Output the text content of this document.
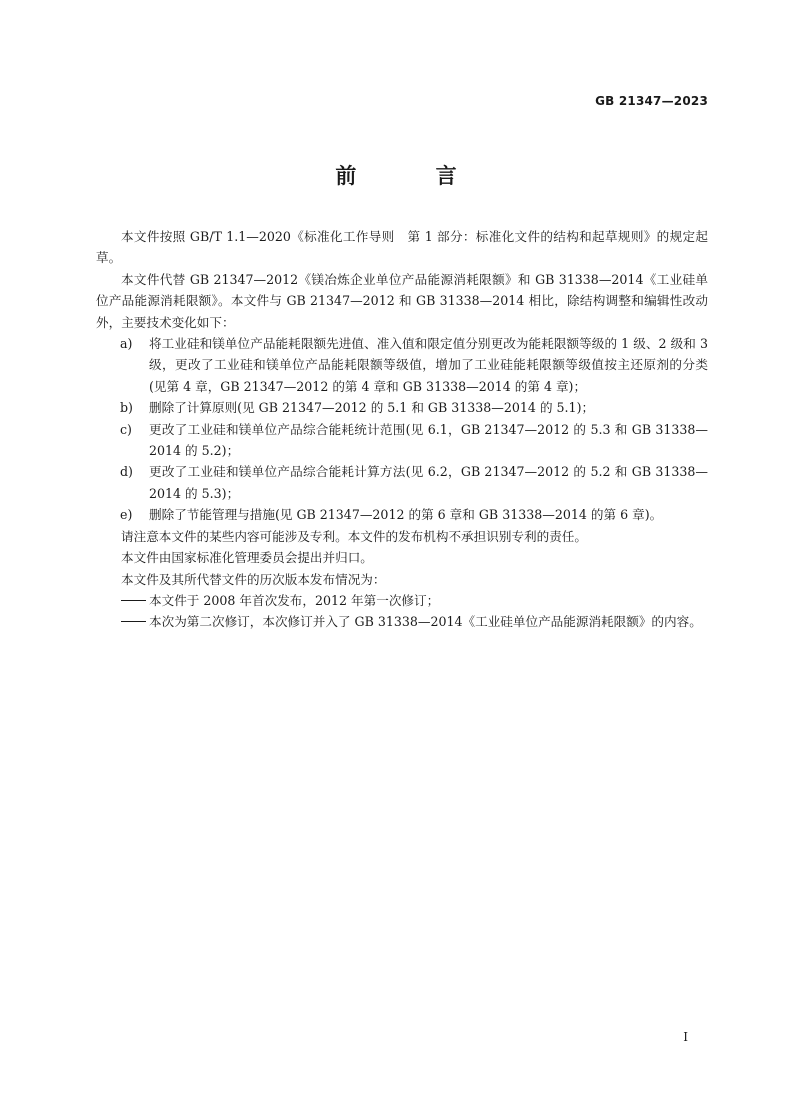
GB 21347—2023
前 言

本文件按照 GB/T 1.1—2020《标准化工作导则　第 1 部分：标准化文件的结构和起草规则》的规定起草。

本文件代替 GB 21347—2012《镁冶炼企业单位产品能源消耗限额》和 GB 31338—2014《工业硅单位产品能源消耗限额》。本文件与 GB 21347—2012 和 GB 31338—2014 相比，除结构调整和编辑性改动外，主要技术变化如下：

a) 将工业硅和镁单位产品能耗限额先进值、准入值和限定值分别更改为能耗限额等级的 1 级、2 级和 3 级，更改了工业硅和镁单位产品能耗限额等级值，增加了工业硅能耗限额等级值按主还原剂的分类(见第 4 章，GB 21347—2012 的第 4 章和 GB 31338—2014 的第 4 章)；

b) 删除了计算原则(见 GB 21347—2012 的 5.1 和 GB 31338—2014 的 5.1)；

c) 更改了工业硅和镁单位产品综合能耗统计范围(见 6.1，GB 21347—2012 的 5.3 和 GB 31338—2014 的 5.2)；

d) 更改了工业硅和镁单位产品综合能耗计算方法(见 6.2，GB 21347—2012 的 5.2 和 GB 31338—2014 的 5.3)；

e) 删除了节能管理与措施(见 GB 21347—2012 的第 6 章和 GB 31338—2014 的第 6 章)。

请注意本文件的某些内容可能涉及专利。本文件的发布机构不承担识别专利的责任。

本文件由国家标准化管理委员会提出并归口。

本文件及其所代替文件的历次版本发布情况为：

本文件于 2008 年首次发布，2012 年第一次修订；

本次为第二次修订，本次修订并入了 GB 31338—2014《工业硅单位产品能源消耗限额》的内容。

I
